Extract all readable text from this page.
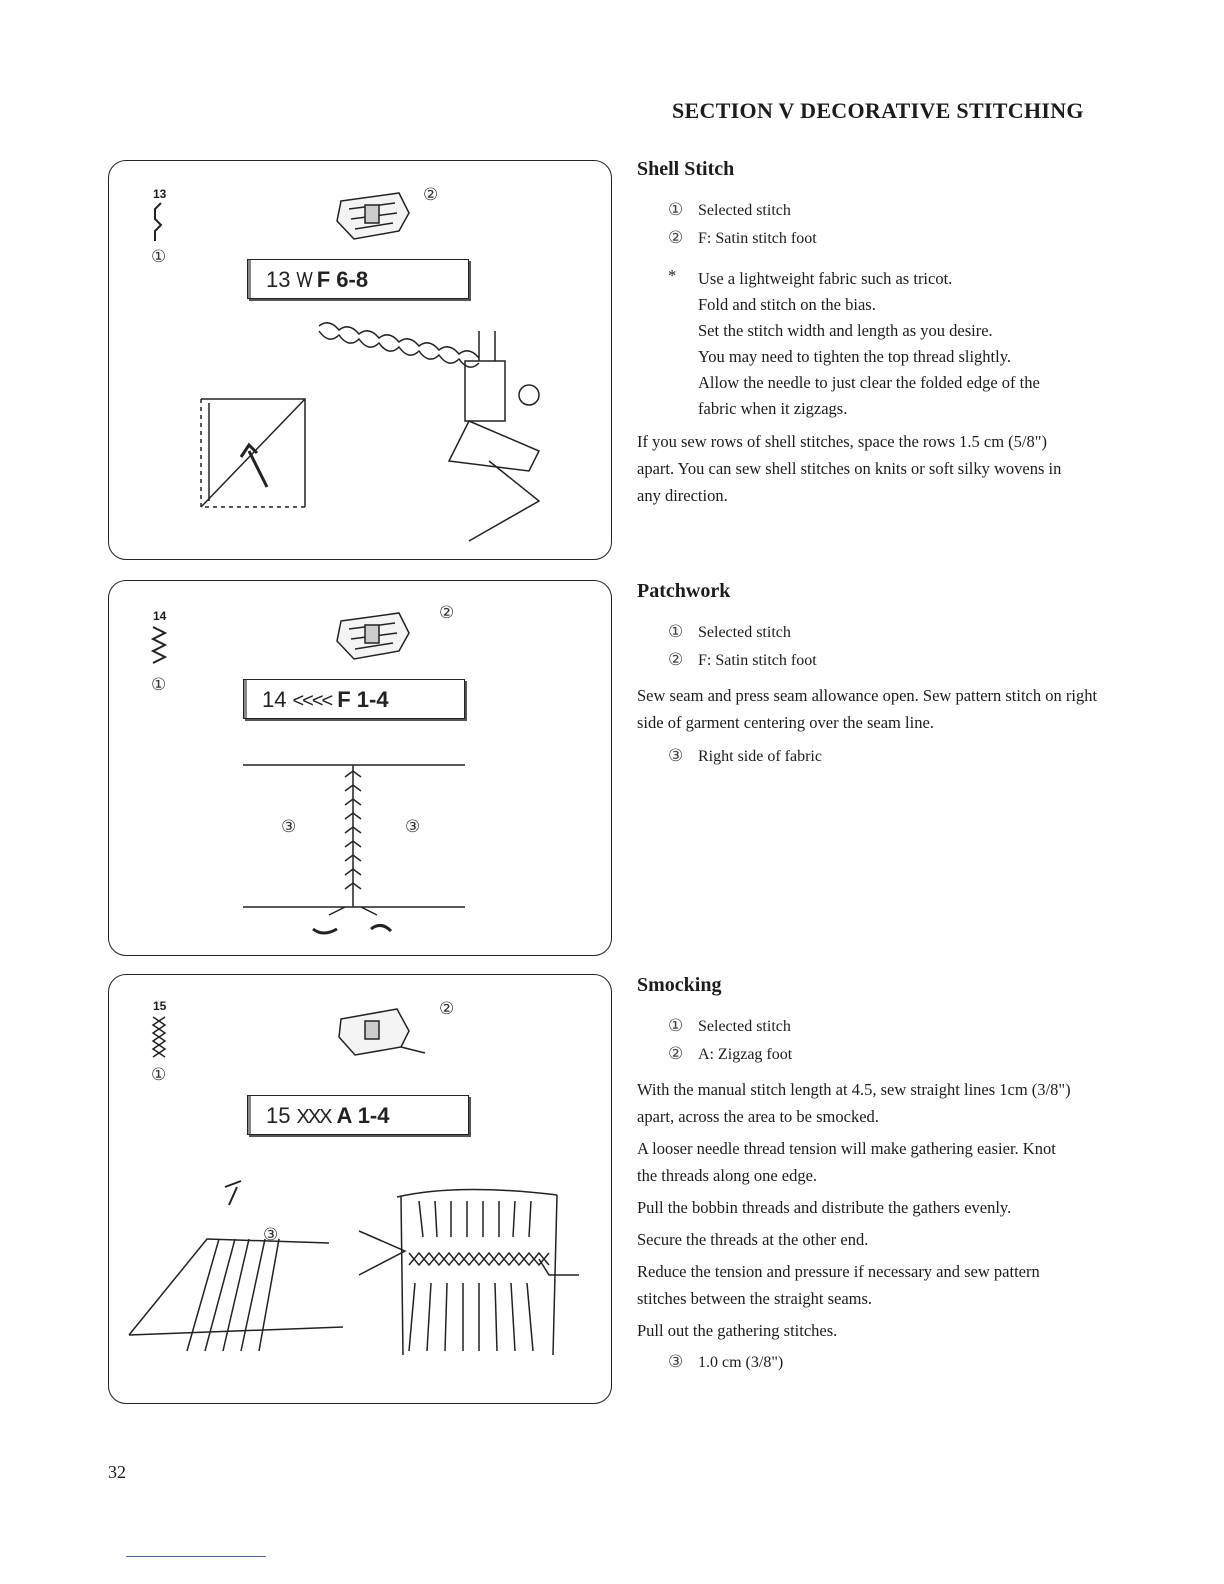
SECTION V DECORATIVE STITCHING
13
①
②
13 \/\/ F 6-8
14
①
②
14 <<<< F 1-4
③	③
15
①
②
15 XXX A 1-4
③
Shell Stitch
① Selected stitch
② F: Satin stitch foot
* Use a lightweight fabric such as tricot.
Fold and stitch on the bias.
Set the stitch width and length as you desire.
You may need to tighten the top thread slightly.
Allow the needle to just clear the folded edge of the
fabric when it zigzags.
If you sew rows of shell stitches, space the rows 1.5 cm (5/8") apart. You can sew shell stitches on knits or soft silky wovens in any direction.
Patchwork
① Selected stitch
② F: Satin stitch foot
Sew seam and press seam allowance open. Sew pattern stitch on right side of garment centering over the seam line.
③ Right side of fabric
Smocking
① Selected stitch
② A: Zigzag foot
With the manual stitch length at 4.5, sew straight lines 1cm (3/8") apart, across the area to be smocked.
A looser needle thread tension will make gathering easier. Knot the threads along one edge.
Pull the bobbin threads and distribute the gathers evenly.
Secure the threads at the other end.
Reduce the tension and pressure if necessary and sew pattern stitches between the straight seams.
Pull out the gathering stitches.
③ 1.0 cm (3/8")
32
